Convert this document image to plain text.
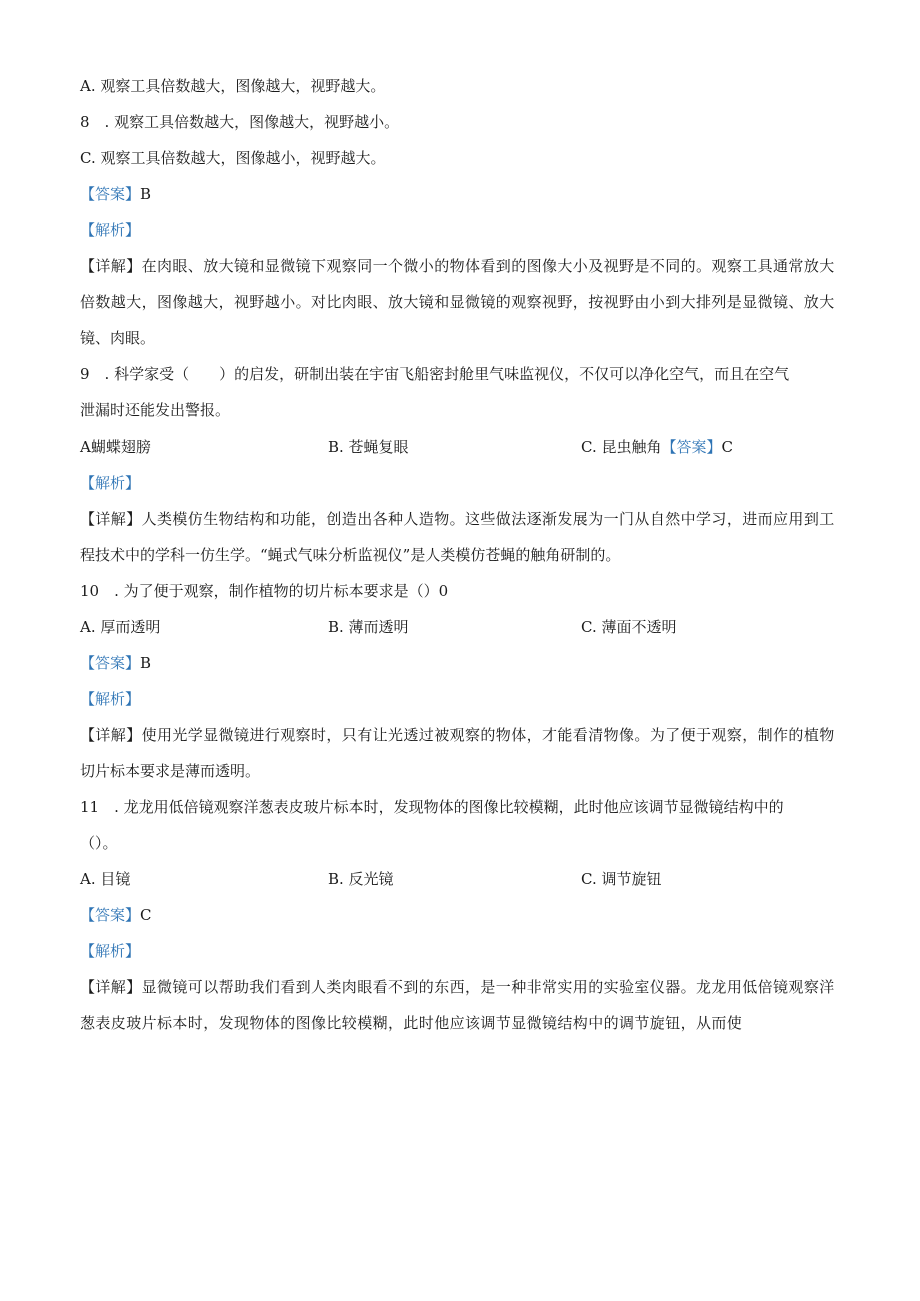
A. 观察工具倍数越大，图像越大，视野越大。
8　. 观察工具倍数越大，图像越大，视野越小。
C. 观察工具倍数越大，图像越小，视野越大。
【答案】B
【解析】
【详解】在肉眼、放大镜和显微镜下观察同一个微小的物体看到的图像大小及视野是不同的。观察工具通常放大
倍数越大，图像越大，视野越小。对比肉眼、放大镜和显微镜的观察视野，按视野由小到大排列是显微镜、放大
镜、肉眼。
9　. 科学家受（　　）的启发，研制出装在宇宙飞船密封舱里气味监视仪，不仅可以净化空气，而且在空气
泄漏时还能发出警报。
A蝴蝶翅膀	B. 苍蝇复眼	C. 昆虫触角【答案】C
【解析】
【详解】人类模仿生物结构和功能，创造出各种人造物。这些做法逐渐发展为一门从自然中学习，进而应用到工
程技术中的学科一仿生学。“蝇式气味分析监视仪”是人类模仿苍蝇的触角研制的。
10　. 为了便于观察，制作植物的切片标本要求是（）0
A. 厚而透明	B. 薄而透明	C. 薄面不透明
【答案】B
【解析】
【详解】使用光学显微镜进行观察时，只有让光透过被观察的物体，才能看清物像。为了便于观察，制作的植物
切片标本要求是薄而透明。
11　. 龙龙用低倍镜观察洋葱表皮玻片标本时，发现物体的图像比较模糊，此时他应该调节显微镜结构中的
（）。
A. 目镜	B. 反光镜	C. 调节旋钮
【答案】C
【解析】
【详解】显微镜可以帮助我们看到人类肉眼看不到的东西，是一种非常实用的实验室仪器。龙龙用低倍镜观察洋
葱表皮玻片标本时，发现物体的图像比较模糊，此时他应该调节显微镜结构中的调节旋钮，从而使
